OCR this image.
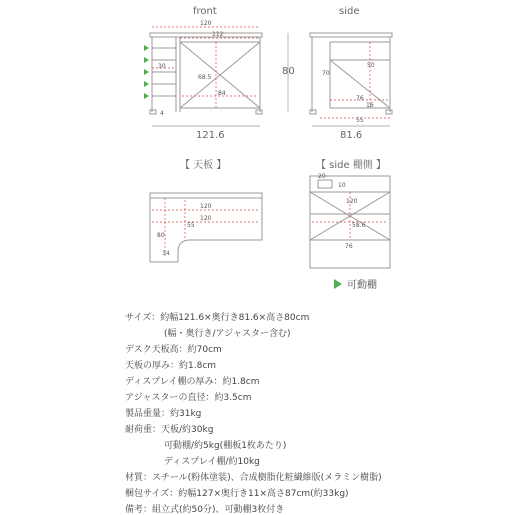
front	side
【 天板 】	【 side 棚側 】
120
112
30
68.5
84
4
80
121.6
70
50
76
16
55
81.6
120
120
55
80
34
20
10
120
58.6
76
可動棚
サイズ：約幅121.6×奥行き81.6×高さ80cm
(幅・奥行き/アジャスター含む)
デスク天板高：約70cm
天板の厚み：約1.8cm
ディスプレイ棚の厚み：約1.8cm
アジャスターの直径：約3.5cm
製品重量：約31kg
耐荷重：天板/約30kg
可動棚/約5kg(棚板1枚あたり)
ディスプレイ棚/約10kg
材質：スチール(粉体塗装)、合成樹脂化粧繊維版(メラミン樹脂)
梱包サイズ：約幅127×奥行き11×高さ87cm(約33kg)
備考：組立式(約50分)、可動棚3枚付き
